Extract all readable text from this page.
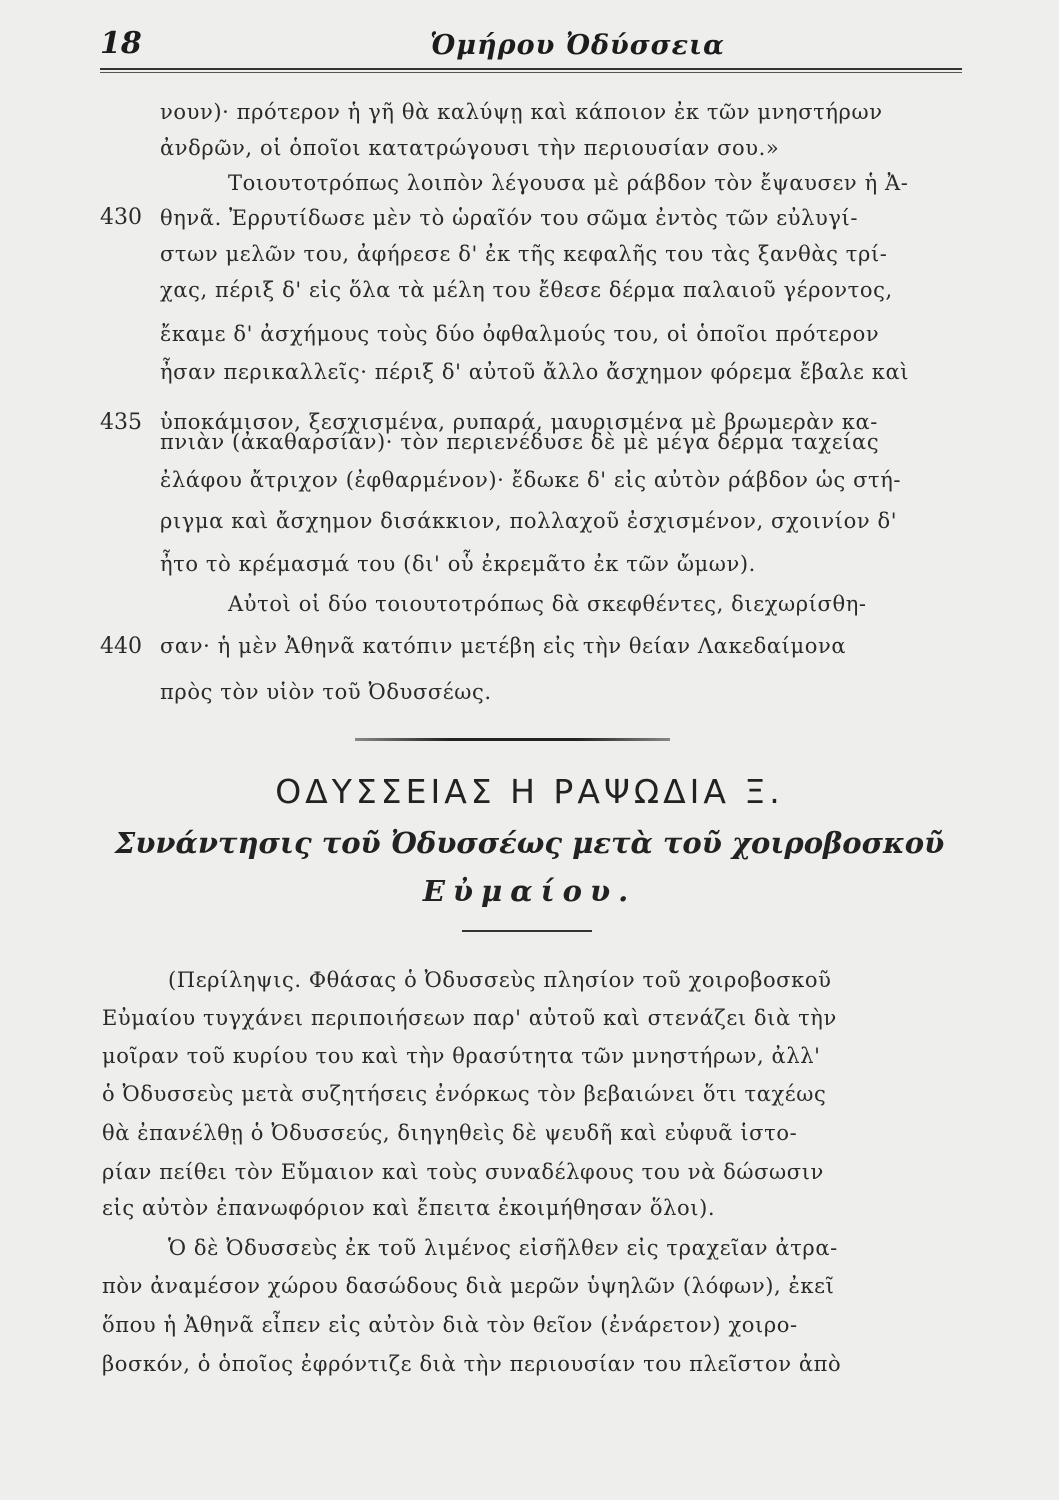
18	Ὁμήρου Ὀδύσσεια
430
435
440
νουν)· πρότερον ἡ γῆ θὰ καλύψῃ καὶ κάποιον ἐκ τῶν μνηστήρων
ἀνδρῶν, οἱ ὁποῖοι κατατρώγουσι τὴν περιουσίαν σου.»
Τοιουτοτρόπως λοιπὸν λέγουσα μὲ ράβδον τὸν ἔψαυσεν ἡ Ἀ-
θηνᾶ. Ἐρρυτίδωσε μὲν τὸ ὡραῖόν του σῶμα ἐντὸς τῶν εὐλυγί-
στων μελῶν του, ἀφήρεσε δ' ἐκ τῆς κεφαλῆς του τὰς ξανθὰς τρί-
χας, πέριξ δ' εἰς ὅλα τὰ μέλη του ἔθεσε δέρμα παλαιοῦ γέροντος,
ἔκαμε δ' ἀσχήμους τοὺς δύο ὀφθαλμούς του, οἱ ὁποῖοι πρότερον
ἦσαν περικαλλεῖς· πέριξ δ' αὐτοῦ ἄλλο ἄσχημον φόρεμα ἔβαλε καὶ
ὑποκάμισον, ξεσχισμένα, ρυπαρά, μαυρισμένα μὲ βρωμερὰν κα-
πνιὰν (ἀκαθαρσίαν)· τὸν περιενέδυσε δὲ μὲ μέγα δέρμα ταχείας
ἐλάφου ἄτριχον (ἐφθαρμένον)· ἔδωκε δ' εἰς αὐτὸν ράβδον ὡς στή-
ριγμα καὶ ἄσχημον δισάκκιον, πολλαχοῦ ἐσχισμένον, σχοινίον δ'
ἦτο τὸ κρέμασμά του (δι' οὗ ἐκρεμᾶτο ἐκ τῶν ὤμων).
Αὐτοὶ οἱ δύο τοιουτοτρόπως δὰ σκεφθέντες, διεχωρίσθη-
σαν· ἡ μὲν Ἀθηνᾶ κατόπιν μετέβη εἰς τὴν θείαν Λακεδαίμονα
πρὸς τὸν υἱὸν τοῦ Ὀδυσσέως.
ΟΔΥΣΣΕΙΑΣ Η ΡΑΨΩΔΙΑ Ξ.
Συνάντησις τοῦ Ὀδυσσέως μετὰ τοῦ χοιροβοσκοῦ
Εὐμαίου.
(Περίληψις. Φθάσας ὁ Ὀδυσσεὺς πλησίον τοῦ χοιροβοσκοῦ
Εὐμαίου τυγχάνει περιποιήσεων παρ' αὐτοῦ καὶ στενάζει διὰ τὴν
μοῖραν τοῦ κυρίου του καὶ τὴν θρασύτητα τῶν μνηστήρων, ἀλλ'
ὁ Ὀδυσσεὺς μετὰ συζητήσεις ἐνόρκως τὸν βεβαιώνει ὅτι ταχέως
θὰ ἐπανέλθῃ ὁ Ὀδυσσεύς, διηγηθεὶς δὲ ψευδῆ καὶ εὐφυᾶ ἱστο-
ρίαν πείθει τὸν Εὔμαιον καὶ τοὺς συναδέλφους του νὰ δώσωσιν
εἰς αὐτὸν ἐπανωφόριον καὶ ἔπειτα ἐκοιμήθησαν ὅλοι).
Ὁ δὲ Ὀδυσσεὺς ἐκ τοῦ λιμένος εἰσῆλθεν εἰς τραχεῖαν ἀτρα-
πὸν ἀναμέσον χώρου δασώδους διὰ μερῶν ὑψηλῶν (λόφων), ἐκεῖ
ὅπου ἡ Ἀθηνᾶ εἶπεν εἰς αὐτὸν διὰ τὸν θεῖον (ἐνάρετον) χοιρο-
βοσκόν, ὁ ὁποῖος ἐφρόντιζε διὰ τὴν περιουσίαν του πλεῖστον ἀπὸ
